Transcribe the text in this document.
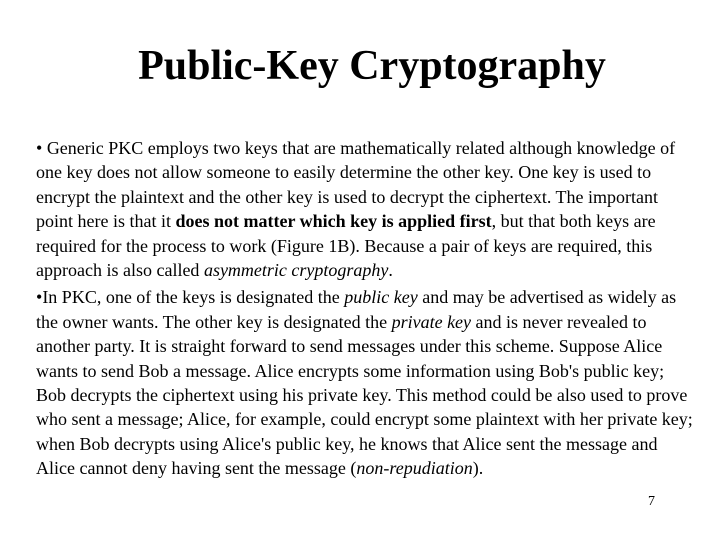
Public-Key Cryptography

• Generic PKC employs two keys that are mathematically related although knowledge of one key does not allow someone to easily determine the other key. One key is used to encrypt the plaintext and the other key is used to decrypt the ciphertext. The important point here is that it does not matter which key is applied first, but that both keys are required for the process to work (Figure 1B). Because a pair of keys are required, this approach is also called asymmetric cryptography.

•In PKC, one of the keys is designated the public key and may be advertised as widely as the owner wants. The other key is designated the private key and is never revealed to another party. It is straight forward to send messages under this scheme. Suppose Alice wants to send Bob a message. Alice encrypts some information using Bob's public key; Bob decrypts the ciphertext using his private key. This method could be also used to prove who sent a message; Alice, for example, could encrypt some plaintext with her private key; when Bob decrypts using Alice's public key, he knows that Alice sent the message and Alice cannot deny having sent the message (non-repudiation).

7
